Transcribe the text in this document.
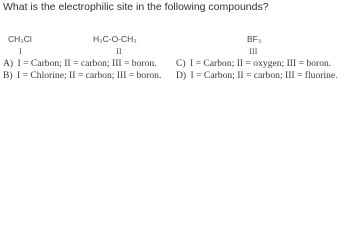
What is the electrophilic site in the following compounds?
CH₃Cl
I
H₃C-O-CH₃
II
BF₃
III
A) I = Carbon; II = carbon; III = boron.
B) I = Chlorine; II = carbon; III = boron.
C) I = Carbon; II = oxygen; III = boron.
D) I = Carbon; II = carbon; III = fluorine.
